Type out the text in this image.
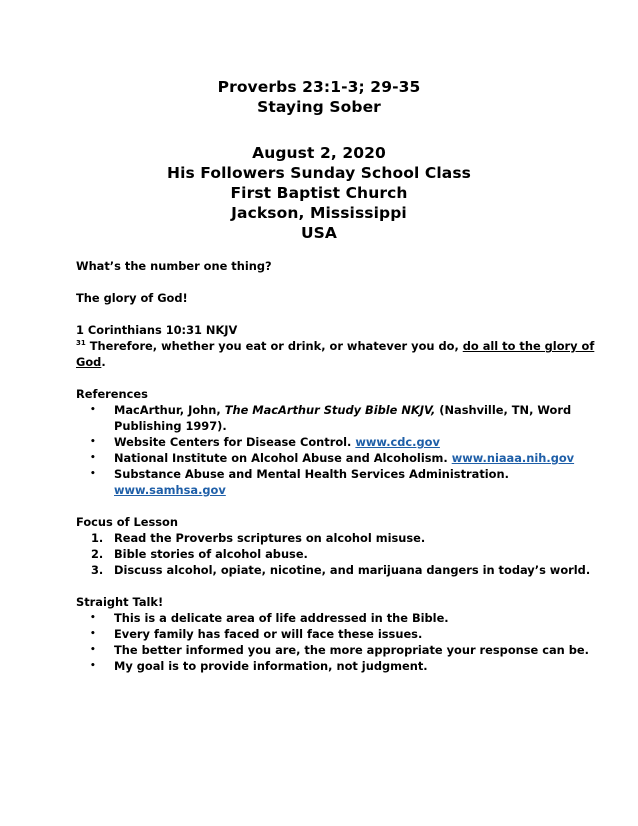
Proverbs 23:1-3; 29-35
Staying Sober
August 2, 2020
His Followers Sunday School Class
First Baptist Church
Jackson, Mississippi
USA
What’s the number one thing?
The glory of God!
1 Corinthians 10:31 NKJV
$^{31}$ Therefore, whether you eat or drink, or whatever you do, do all to the glory of
God.
References
• MacArthur, John, The MacArthur Study Bible NKJV, (Nashville, TN, Word
Publishing 1997).
• Website Centers for Disease Control. www.cdc.gov
• National Institute on Alcohol Abuse and Alcoholism. www.niaaa.nih.gov
• Substance Abuse and Mental Health Services Administration.
www.samhsa.gov
Focus of Lesson
1. Read the Proverbs scriptures on alcohol misuse.
2. Bible stories of alcohol abuse.
3. Discuss alcohol, opiate, nicotine, and marijuana dangers in today’s world.
Straight Talk!
• This is a delicate area of life addressed in the Bible.
• Every family has faced or will face these issues.
• The better informed you are, the more appropriate your response can be.
• My goal is to provide information, not judgment.
